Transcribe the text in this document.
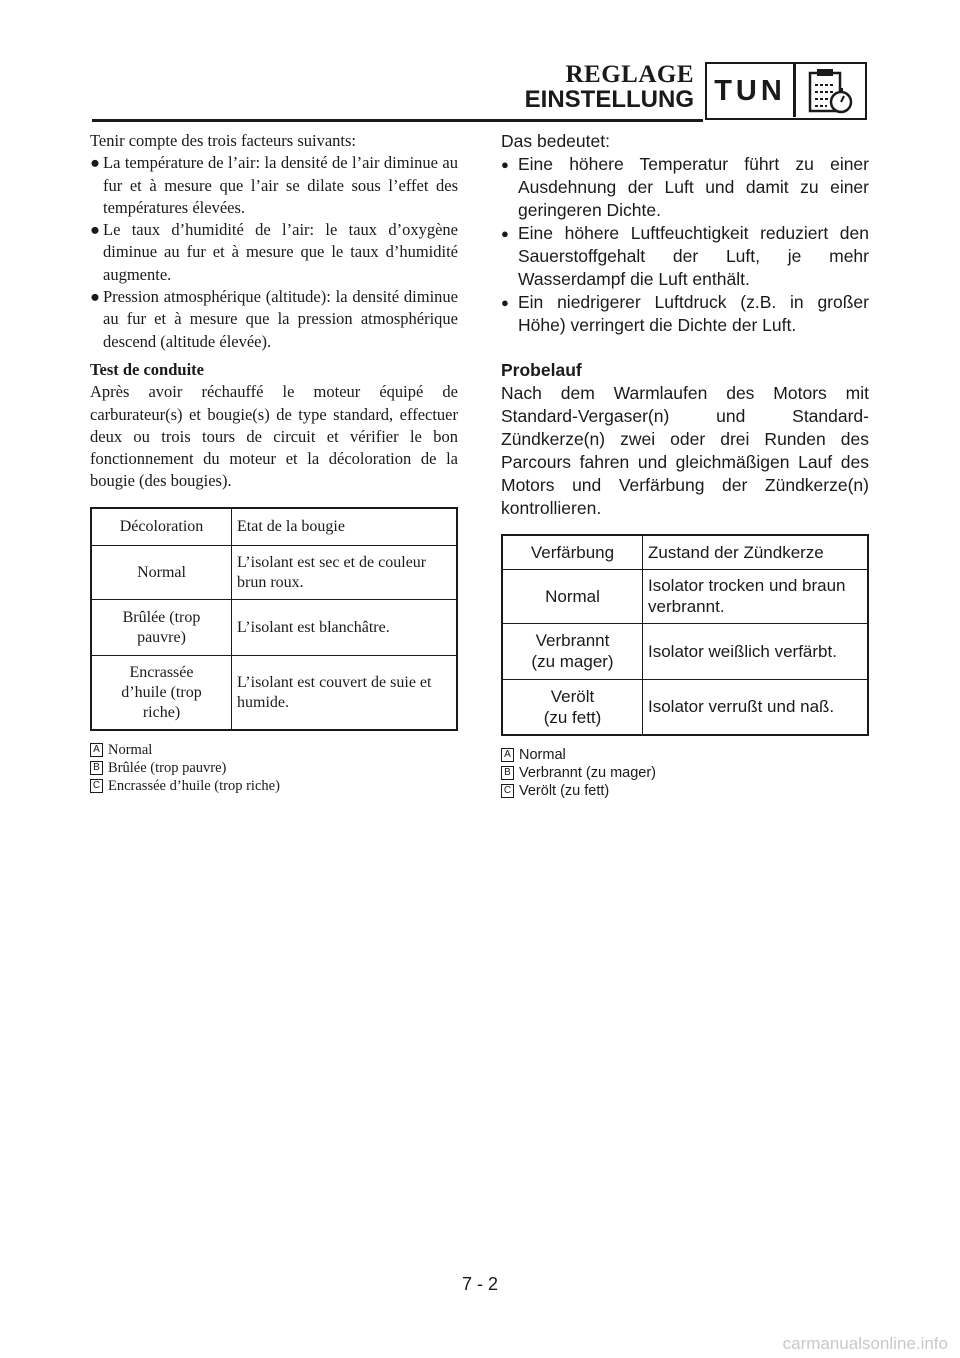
REGLAGE
EINSTELLUNG TUN

Tenir compte des trois facteurs suivants:

● La température de l’air: la densité de l’air diminue au fur et à mesure que l’air se dilate sous l’effet des températures élevées.
● Le taux d’humidité de l’air: le taux d’oxygène diminue au fur et à mesure que le taux d’humidité augmente.
● Pression atmosphérique (altitude): la densité diminue au fur et à mesure que la pression atmosphérique descend (altitude élevée).

Test de conduite

Après avoir réchauffé le moteur équipé de carburateur(s) et bougie(s) de type standard, effectuer deux ou trois tours de circuit et vérifier le bon fonctionnement du moteur et la décoloration de la bougie (des bougies).

Décoloration	Etat de la bougie
Normal	L’isolant est sec et de couleur brun roux.
Brûlée (trop pauvre)	L’isolant est blanchâtre.
Encrassée d’huile (trop riche)	L’isolant est couvert de suie et humide.
A Normal
B Brûlée (trop pauvre)
C Encrassée d’huile (trop riche)

Das bedeutet:

● Eine höhere Temperatur führt zu einer Ausdehnung der Luft und damit zu einer geringeren Dichte.
● Eine höhere Luftfeuchtigkeit reduziert den Sauerstoffgehalt der Luft, je mehr Wasserdampf die Luft enthält.
● Ein niedrigerer Luftdruck (z.B. in großer Höhe) verringert die Dichte der Luft.

Probelauf

Nach dem Warmlaufen des Motors mit Standard-Vergaser(n) und Standard-Zündkerze(n) zwei oder drei Runden des Parcours fahren und gleichmäßigen Lauf des Motors und Verfärbung der Zündkerze(n) kontrollieren.

Verfärbung	Zustand der Zündkerze
Normal	Isolator trocken und braun verbrannt.
Verbrannt (zu mager)	Isolator weißlich verfärbt.
Verölt (zu fett)	Isolator verrußt und naß.
A Normal
B Verbrannt (zu mager)
C Verölt (zu fett)
7 - 2
carmanualsonline.info
